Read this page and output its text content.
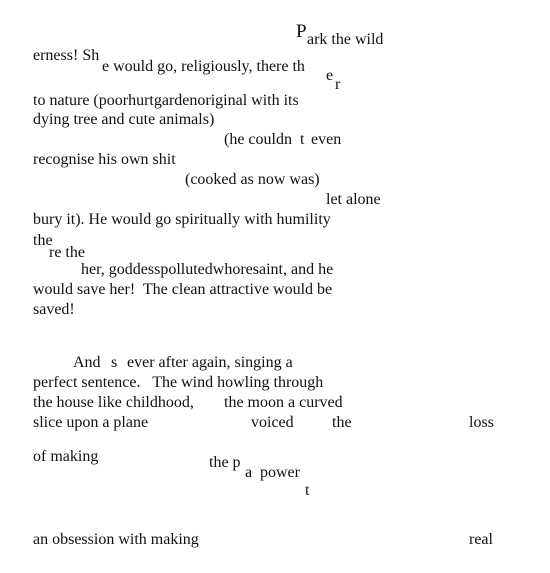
P ark the wild
erness! Sh
e would go, religiously, there th
e
r
to nature (poorhurtgardenoriginal with its
dying tree and cute animals)
(he couldn t even
recognise his own shit
(cooked as now was)
let alone
bury it). He would go spiritually with humility
the
re the
her, goddesspollutedwhoresaint, and he
would save her!  The clean attractive would be
saved!
And s ever after again, singing a
perfect sentence.   The wind howling through
the house like childhood, the moon a curved
slice upon a plane	voiced the	loss
of making	the p
a power
t
an obsession with making	real
